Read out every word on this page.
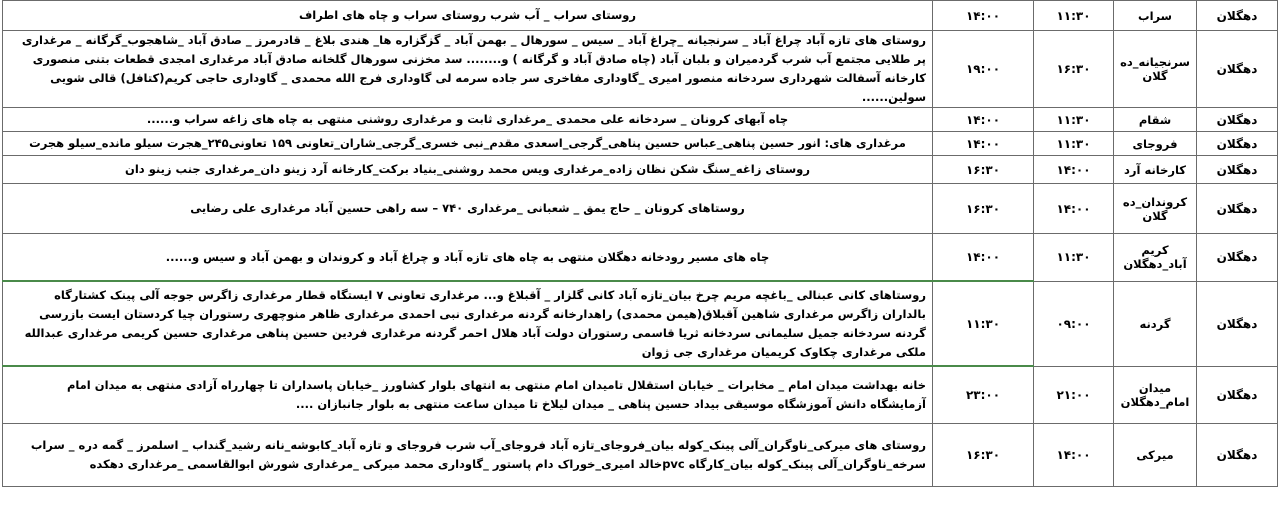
دهگلان	سراب	۱۱:۳۰	۱۴:۰۰	روستای سراب _ آب شرب روستای سراب و چاه های اطراف
دهگلان	سرنجیانه_ده گلان	۱۶:۳۰	۱۹:۰۰	روستای های تازه آباد چراغ آباد _ سرنجیانه _چراغ آباد _ سیس _ سورهال _ بهمن آباد _ گزگزاره ها_ هندی بلاغ _ قادرمرز _ صادق آباد _شاهجوب_گرگانه _ مرغداری پر طلایی مجتمع آب شرب گردمیران و بلبان آباد (چاه صادق آباد و گرگانه ) و........ سد مخزنی سورهال گلخانه صادق آباد مرغداری امجدی قطعات بتنی منصوری کارخانه آسفالت شهرداری سردخانه منصور امیری _گاوداری مفاخری سر جاده سرمه لی گاوداری فرج الله محمدی _ گاوداری حاجی کریم(کتافل) قالی شویی سولین......
دهگلان	شقام	۱۱:۳۰	۱۴:۰۰	چاه آبهای کرونان _ سردخانه علی محمدی _مرغداری ثابت و مرغداری روشنی منتهی به چاه های زاغه سراب و......
دهگلان	فروجای	۱۱:۳۰	۱۴:۰۰	مرغداری های: انور حسین پناهی_عباس حسین پناهی_گرجی_اسعدی مقدم_نبی خسری_گرجی_شاران_تعاونی ۱۵۹ تعاونی۲۴۵_هجرت سیلو مانده_سیلو هجرت
دهگلان	کارخانه آرد	۱۴:۰۰	۱۶:۳۰	روستای زاغه_سنگ شکن نظان زاده_مرغداری ویس محمد روشنی_بنیاد برکت_کارخانه آرد زینو دان_مرغداری جنب زینو دان
دهگلان	کروندان_ده گلان	۱۴:۰۰	۱۶:۳۰	روستاهای کرونان _ حاج یمق _ شعبانی _مرغداری ۷۴۰ – سه راهی حسین آباد مرغداری علی رضایی
دهگلان	کریم آباد_دهگلان	۱۱:۳۰	۱۴:۰۰	چاه های مسیر رودخانه دهگلان منتهی به چاه های تازه آباد و چراغ آباد و کروندان و بهمن آباد و سیس و......
دهگلان	گردنه	۰۹:۰۰	۱۱:۳۰	روستاهای کانی عبنالی _باغچه مریم چرخ بیان_تازه آباد کانی گلزار _ آقبلاغ و... مرغداری تعاونی ۷ ایستگاه قطار مرغداری زاگرس جوجه آلی پینک کشتارگاه بالداران زاگرس مرغداری شاهین آقبلاق(هیمن محمدی) راهدارخانه گردنه مرغداری نبی احمدی مرغداری ظاهر منوچهری رستوران چیا کردستان ایست بازرسی گردنه سردخانه جمیل سلیمانی سردخانه ثریا قاسمی رستوران دولت آباد هلال احمر گردنه مرغداری فردین حسین پناهی مرغداری حسین کریمی مرغداری عبدالله ملکی مرغداری چکاوک کریمیان مرغداری جی ژوان
دهگلان	میدان امام_دهگلان	۲۱:۰۰	۲۳:۰۰	خانه بهداشت میدان امام _ مخابرات _ خیابان استقلال تامیدان امام منتهی به انتهای بلوار کشاورز _خیابان پاسداران تا چهارراه آزادی منتهی به میدان امام آزمایشگاه دانش آموزشگاه موسیقی بیداد حسین پناهی _ میدان لیلاخ تا میدان ساعت منتهی به بلوار جانبازان ....
دهگلان	میرکی	۱۴:۰۰	۱۶:۳۰	روستای های میرکی_ناوگران_آلی پینک_کوله بیان_فروجای_تازه آباد فروجای_آب شرب فروجای و تازه آباد_کابوشه_نانه رشید_گنداب _ اسلمرز _ گمه دره _ سراب سرخه_ناوگران_آلی پینک_کوله بیان_کارگاه pvcخالد امیری_خوراک دام پاستور _گاوداری محمد میرکی _مرغداری شورش ابوالقاسمی _مرغداری دهکده
